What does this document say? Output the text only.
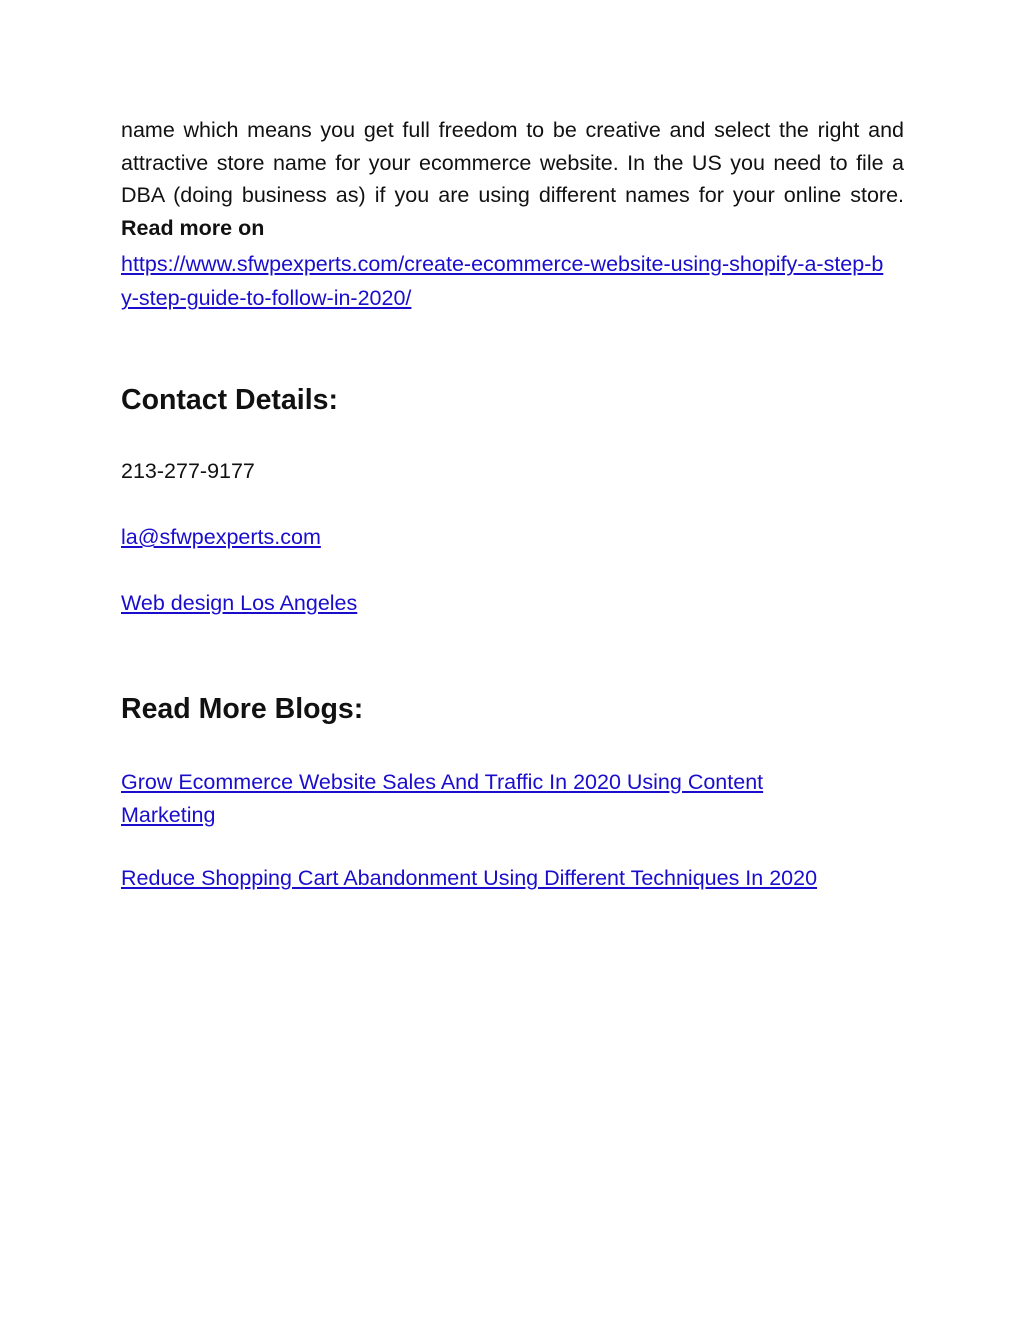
name which means you get full freedom to be creative and select the right and attractive store name for your ecommerce website. In the US you need to file a DBA (doing business as) if you are using different names for your online store. Read more on

https://www.sfwpexperts.com/create-ecommerce-website-using-shopify-a-step-by-step-guide-to-follow-in-2020/
Contact Details:

213-277-9177

la@sfwpexperts.com
Web design Los Angeles
Read More Blogs:
Grow Ecommerce Website Sales And Traffic In 2020 Using Content Marketing
Reduce Shopping Cart Abandonment Using Different Techniques In 2020
